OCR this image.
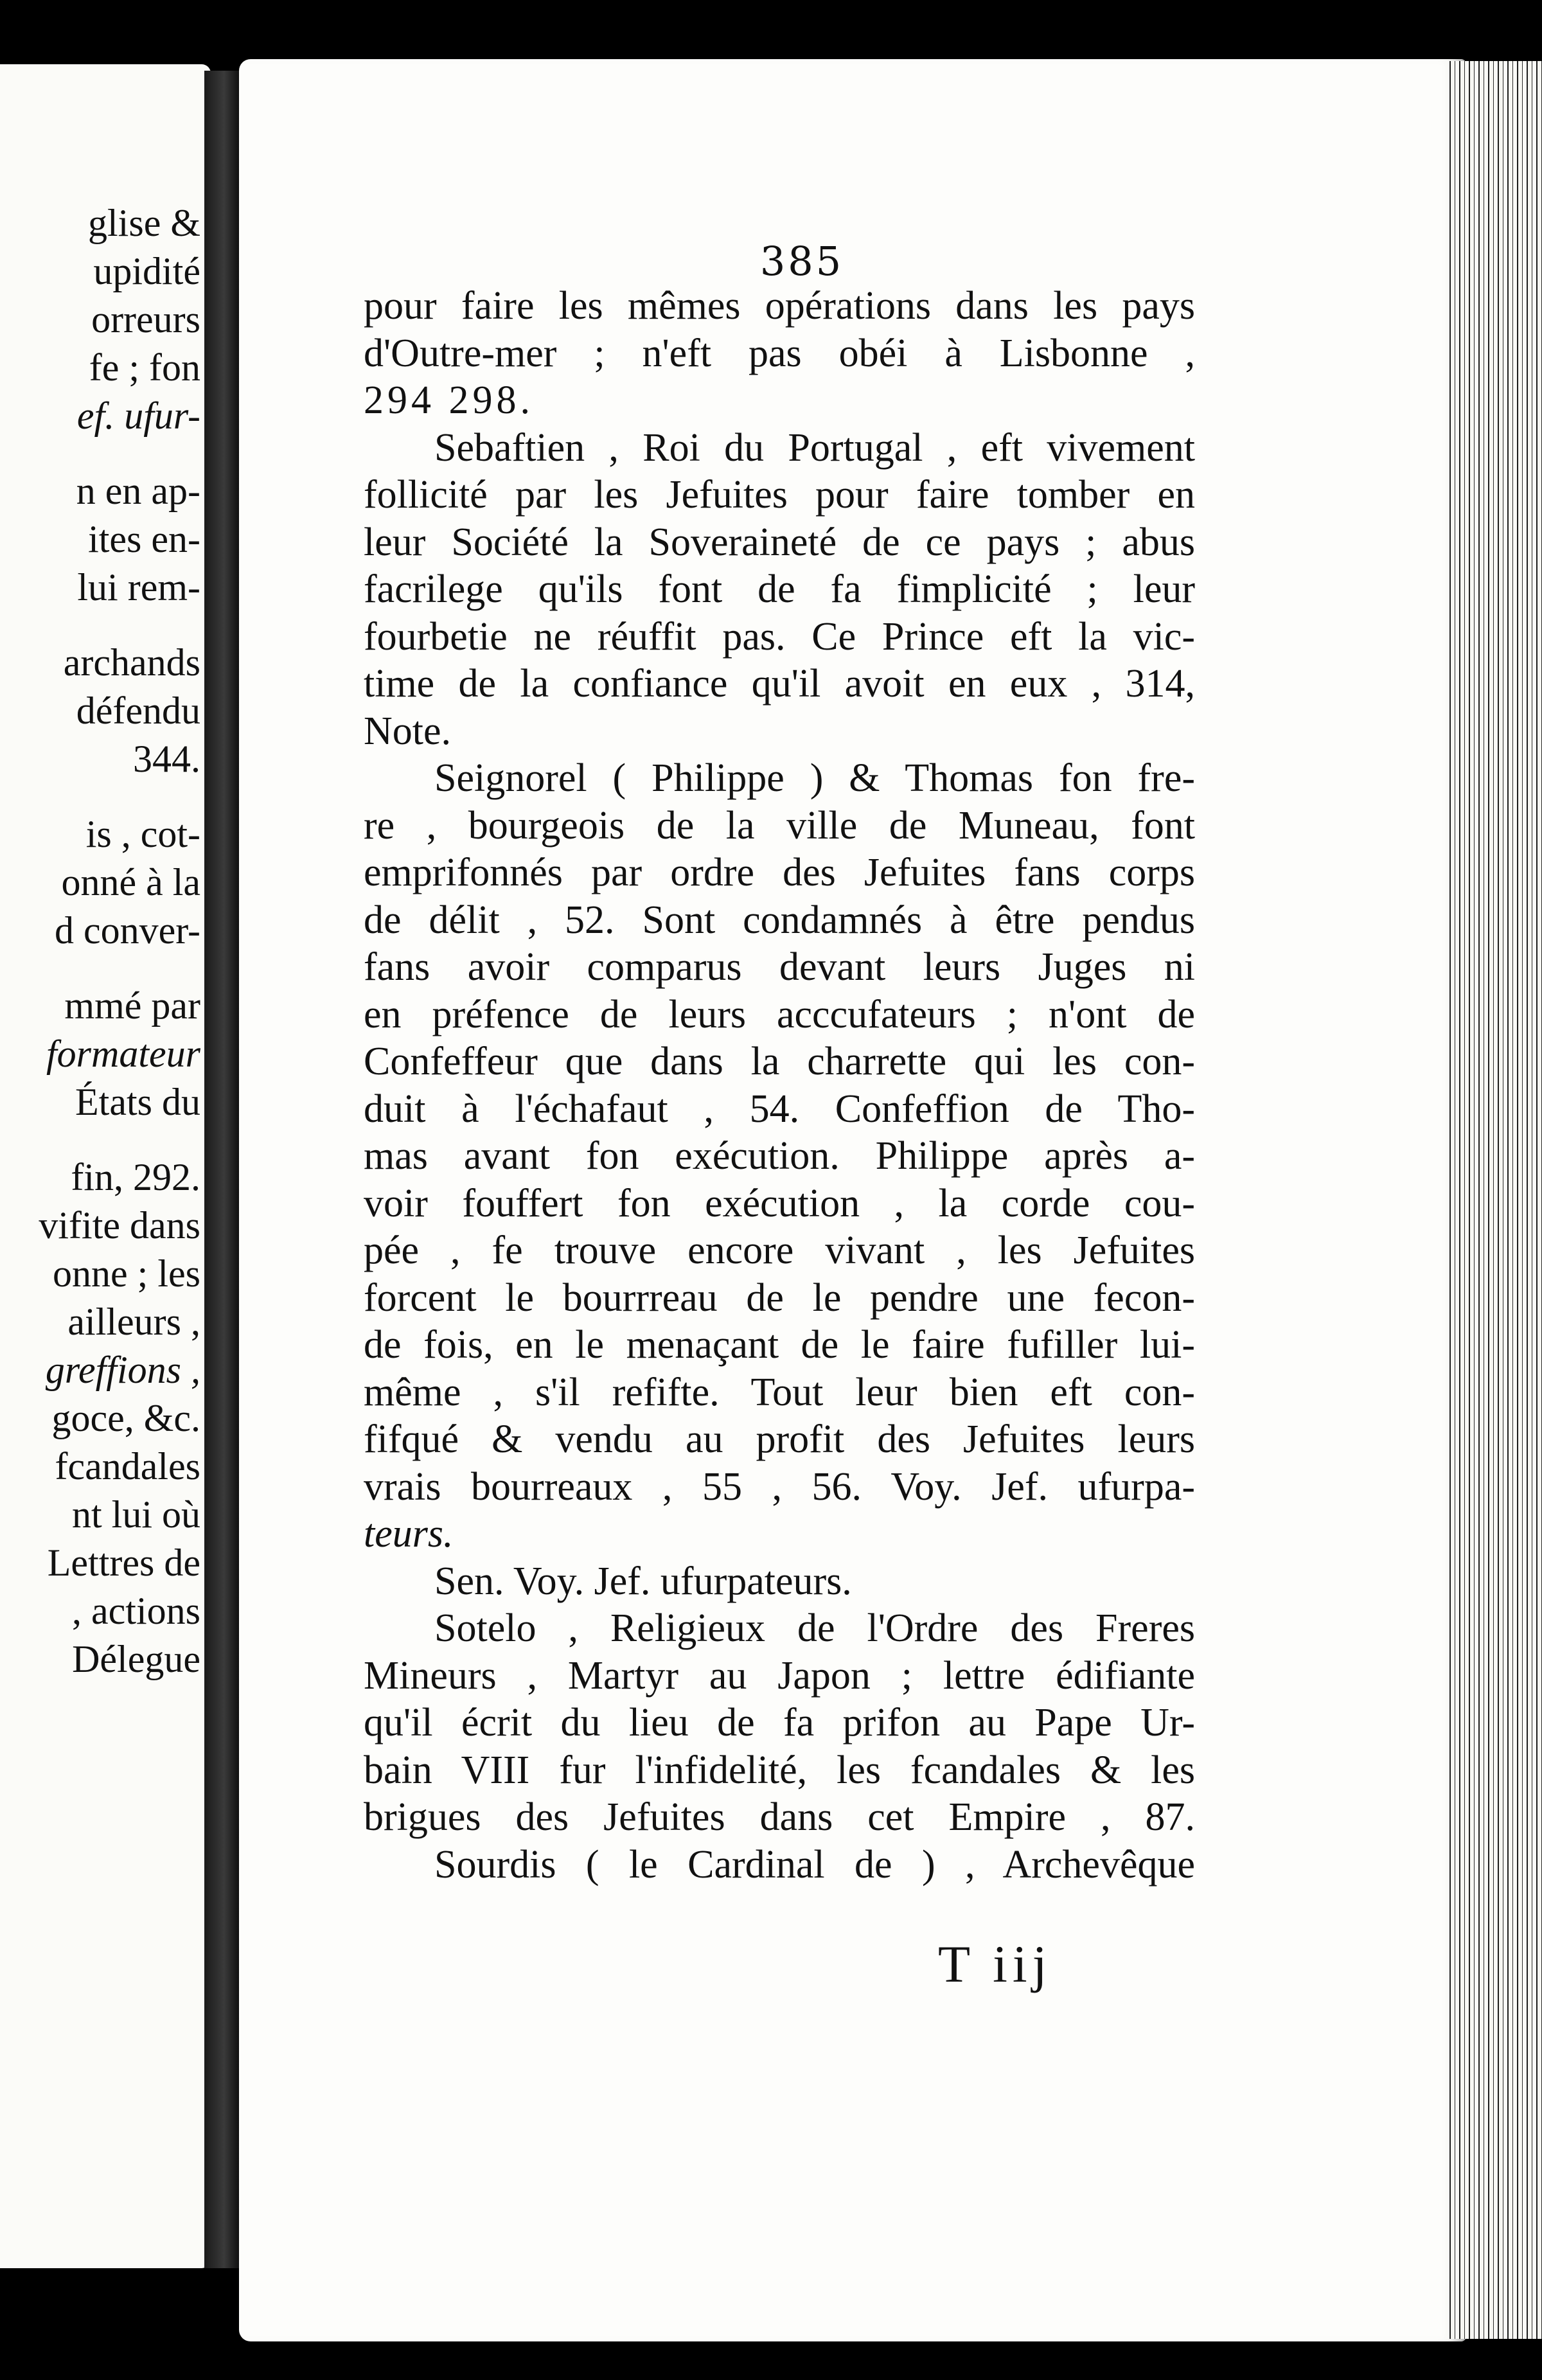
glise &
upidité
orreurs
fe ; fon
ef. ufur-
n en ap-
ites en-
lui rem-
archands
défendu
344.
is , cot-
onné à la
d conver-
mmé par
formateur
États du
fin, 292.
vifite dans
onne ; les
ailleurs ,
greffions ,
goce, &c.
fcandales
nt lui où
Lettres de
, actions
Délegue
385

pour faire les mêmes opérations dans les pays

d'Outre-mer ; n'eft pas obéi à Lisbonne ,

294 298.

Sebaftien , Roi du Portugal , eft vivement

follicité par les Jefuites pour faire tomber en

leur Société la Soveraineté de ce pays ; abus

facrilege qu'ils font de fa fimplicité ; leur

fourbetie ne réuffit pas. Ce Prince eft la vic-

time de la confiance qu'il avoit en eux , 314,

Note.

Seignorel ( Philippe ) & Thomas fon fre-

re , bourgeois de la ville de Muneau, font

emprifonnés par ordre des Jefuites fans corps

de délit , 52. Sont condamnés à être pendus

fans avoir comparus devant leurs Juges ni

en préfence de leurs acccufateurs ; n'ont de

Confeffeur que dans la charrette qui les con-

duit à l'échafaut , 54. Confeffion de Tho-

mas avant fon exécution. Philippe après a-

voir fouffert fon exécution , la corde cou-

pée , fe trouve encore vivant , les Jefuites

forcent le bourrreau de le pendre une fecon-

de fois, en le menaçant de le faire fufiller lui-

même , s'il refifte. Tout leur bien eft con-

fifqué & vendu au profit des Jefuites leurs

vrais bourreaux , 55 , 56. Voy. Jef. ufurpa-

teurs.

Sen. Voy. Jef. ufurpateurs.

Sotelo , Religieux de l'Ordre des Freres

Mineurs , Martyr au Japon ; lettre édifiante

qu'il écrit du lieu de fa prifon au Pape Ur-

bain VIII fur l'infidelité, les fcandales & les

brigues des Jefuites dans cet Empire , 87.

Sourdis ( le Cardinal de ) , Archevêque

T iij
